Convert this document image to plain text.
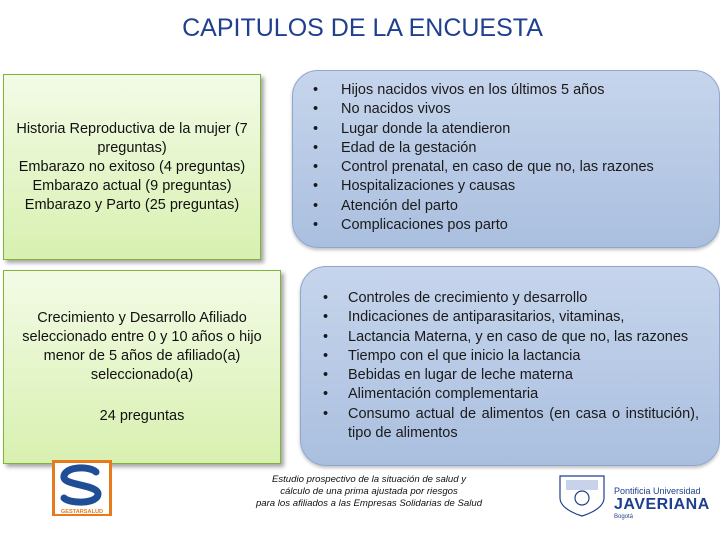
CAPITULOS DE LA ENCUESTA

Historia Reproductiva de la mujer (7 preguntas)

Embarazo no exitoso (4 preguntas)

Embarazo actual (9 preguntas)

Embarazo y Parto (25 preguntas)

• Hijos nacidos vivos en los últimos 5 años
• No nacidos vivos
• Lugar donde la atendieron
• Edad de la gestación
• Control prenatal, en caso de que no, las razones
• Hospitalizaciones y causas
• Atención del parto
• Complicaciones pos parto

Crecimiento y Desarrollo Afiliado seleccionado entre 0 y 10 años o hijo menor de 5 años de afiliado(a) seleccionado(a)

24 preguntas

• Controles de crecimiento y desarrollo
• Indicaciones de antiparasitarios, vitaminas,
• Lactancia Materna, y en caso de que no, las razones
• Tiempo con el que inicio la lactancia
• Bebidas en lugar de leche materna
• Alimentación complementaria
• Consumo actual de alimentos (en casa o institución), tipo de alimentos
GESTARSALUD
Estudio prospectivo de la situación de salud y
cálculo de una prima ajustada por riesgos
para los afiliados a las Empresas Solidarias de Salud
Pontificia Universidad
JAVERIANA
Bogotá
